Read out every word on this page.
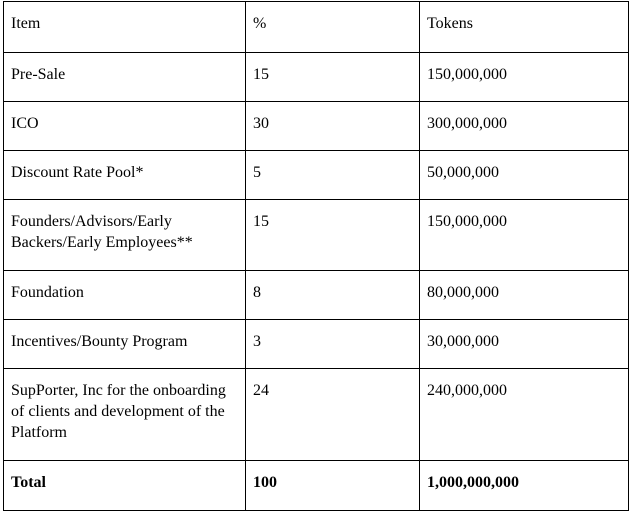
Item	%	Tokens
Pre-Sale	15	150,000,000
ICO	30	300,000,000
Discount Rate Pool*	5	50,000,000
Founders/Advisors/Early Backers/Early Employees**	15	150,000,000
Foundation	8	80,000,000
Incentives/Bounty Program	3	30,000,000
SupPorter, Inc for the onboarding of clients and development of the Platform	24	240,000,000
Total	100	1,000,000,000
